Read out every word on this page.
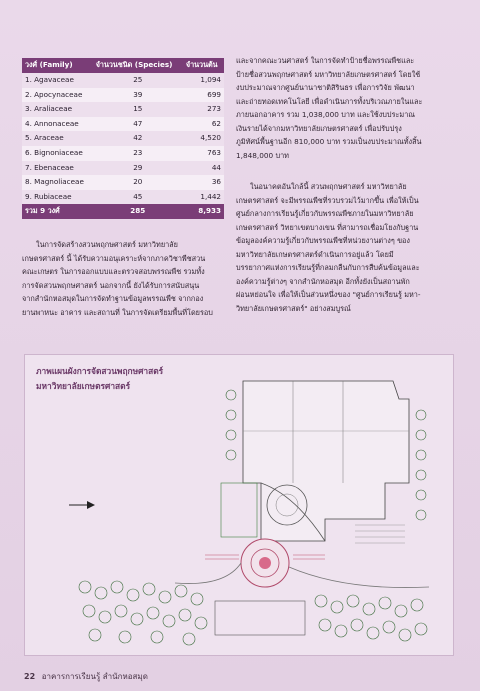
วงศ์ (Family)	จำนวนชนิด (Species)	จำนวนต้น
1. Agavaceae	25	1,094
2. Apocynaceae	39	699
3. Araliaceae	15	273
4. Annonaceae	47	62
5. Araceae	42	4,520
6. Bignoniaceae	23	763
7. Ebenaceae	29	44
8. Magnoliaceae	20	36
9. Rubiaceae	45	1,442
รวม 9 วงศ์	285	8,933
ในการจัดสร้างสวนพฤกษศาสตร์ มหาวิทยาลัย
เกษตรศาสตร์ นี้ ได้รับความอนุเคราะห์จากภาควิชาพืชสวน
คณะเกษตร ในการออกแบบและตรวจสอบพรรณพืช รวมทั้ง
การจัดสวนพฤกษศาสตร์ นอกจากนี้ ยังได้รับการสนับสนุน
จากสำนักหอสมุดในการจัดทำฐานข้อมูลพรรณพืช จากกอง
ยานพาหนะ อาคาร และสถานที่ ในการจัดเตรียมพื้นที่โดยรอบ
และจากคณะวนศาสตร์ ในการจัดทำป้ายชื่อพรรณพืชและ
ป้ายชื่อสวนพฤกษศาสตร์ มหาวิทยาลัยเกษตรศาสตร์ โดยใช้
งบประมาณจากศูนย์นานาชาติสิรินธร เพื่อการวิจัย พัฒนา
และถ่ายทอดเทคโนโลยี เพื่อดำเนินการทั้งบริเวณภายในและ
ภายนอกอาคาร รวม 1,038,000 บาท และใช้งบประมาณ
เงินรายได้จากมหาวิทยาลัยเกษตรศาสตร์ เพื่อปรับปรุง
ภูมิทัศน์พื้นฐานอีก 810,000 บาท รวมเป็นงบประมาณทั้งสิ้น
1,848,000 บาท
ในอนาคตอันใกล้นี้ สวนพฤกษศาสตร์ มหาวิทยาลัย
เกษตรศาสตร์ จะมีพรรณพืชที่รวบรวมไว้มากขึ้น เพื่อให้เป็น
ศูนย์กลางการเรียนรู้เกี่ยวกับพรรณพืชภายในมหาวิทยาลัย
เกษตรศาสตร์ วิทยาเขตบางเขน ที่สามารถเชื่อมโยงกับฐาน
ข้อมูลองค์ความรู้เกี่ยวกับพรรณพืชที่หน่วยงานต่างๆ ของ
มหาวิทยาลัยเกษตรศาสตร์ดำเนินการอยู่แล้ว โดยมี
บรรยากาศแห่งการเรียนรู้ที่กลมกลืนกับการสืบค้นข้อมูลและ
องค์ความรู้ต่างๆ จากสำนักหอสมุด อีกทั้งยังเป็นสถานพัก
ผ่อนหย่อนใจ เพื่อให้เป็นส่วนหนึ่งของ "ศูนย์การเรียนรู้ มหา-
วิทยาลัยเกษตรศาสตร์" อย่างสมบูรณ์
ภาพแผนผังการจัดสวนพฤกษศาสตร์
มหาวิทยาลัยเกษตรศาสตร์
22 อาคารการเรียนรู้ สำนักหอสมุด
